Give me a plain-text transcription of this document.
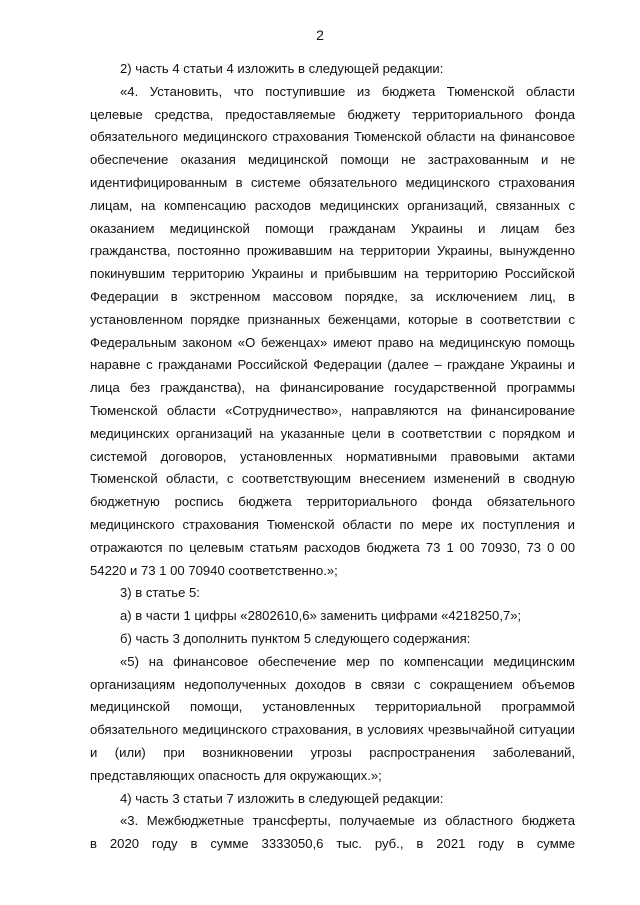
2

2) часть 4 статьи 4 изложить в следующей редакции:

«4. Установить, что поступившие из бюджета Тюменской области целевые средства, предоставляемые бюджету территориального фонда обязательного медицинского страхования Тюменской области на финансовое обеспечение оказания медицинской помощи не застрахованным и не идентифицированным в системе обязательного медицинского страхования лицам, на компенсацию расходов медицинских организаций, связанных с оказанием медицинской помощи гражданам Украины и лицам без гражданства, постоянно проживавшим на территории Украины, вынужденно покинувшим территорию Украины и прибывшим на территорию Российской Федерации в экстренном массовом порядке, за исключением лиц, в установленном порядке признанных беженцами, которые в соответствии с Федеральным законом «О беженцах» имеют право на медицинскую помощь наравне с гражданами Российской Федерации (далее – граждане Украины и лица без гражданства), на финансирование государственной программы Тюменской области «Сотрудничество», направляются на финансирование медицинских организаций на указанные цели в соответствии с порядком и системой договоров, установленных нормативными правовыми актами Тюменской области, с соответствующим внесением изменений в сводную бюджетную роспись бюджета территориального фонда обязательного медицинского страхования Тюменской области по мере их поступления и отражаются по целевым статьям расходов бюджета 73 1 00 70930, 73 0 00 54220 и 73 1 00 70940 соответственно.»;

3) в статье 5:

а) в части 1 цифры «2802610,6» заменить цифрами «4218250,7»;

б) часть 3 дополнить пунктом 5 следующего содержания:

«5) на финансовое обеспечение мер по компенсации медицинским организациям недополученных доходов в связи с сокращением объемов медицинской помощи, установленных территориальной программой обязательного медицинского страхования, в условиях чрезвычайной ситуации и (или) при возникновении угрозы распространения заболеваний, представляющих опасность для окружающих.»;

4) часть 3 статьи 7 изложить в следующей редакции:

«3. Межбюджетные трансферты, получаемые из областного бюджета
в 2020 году в сумме 3333050,6 тыс. руб., в 2021 году в сумме
